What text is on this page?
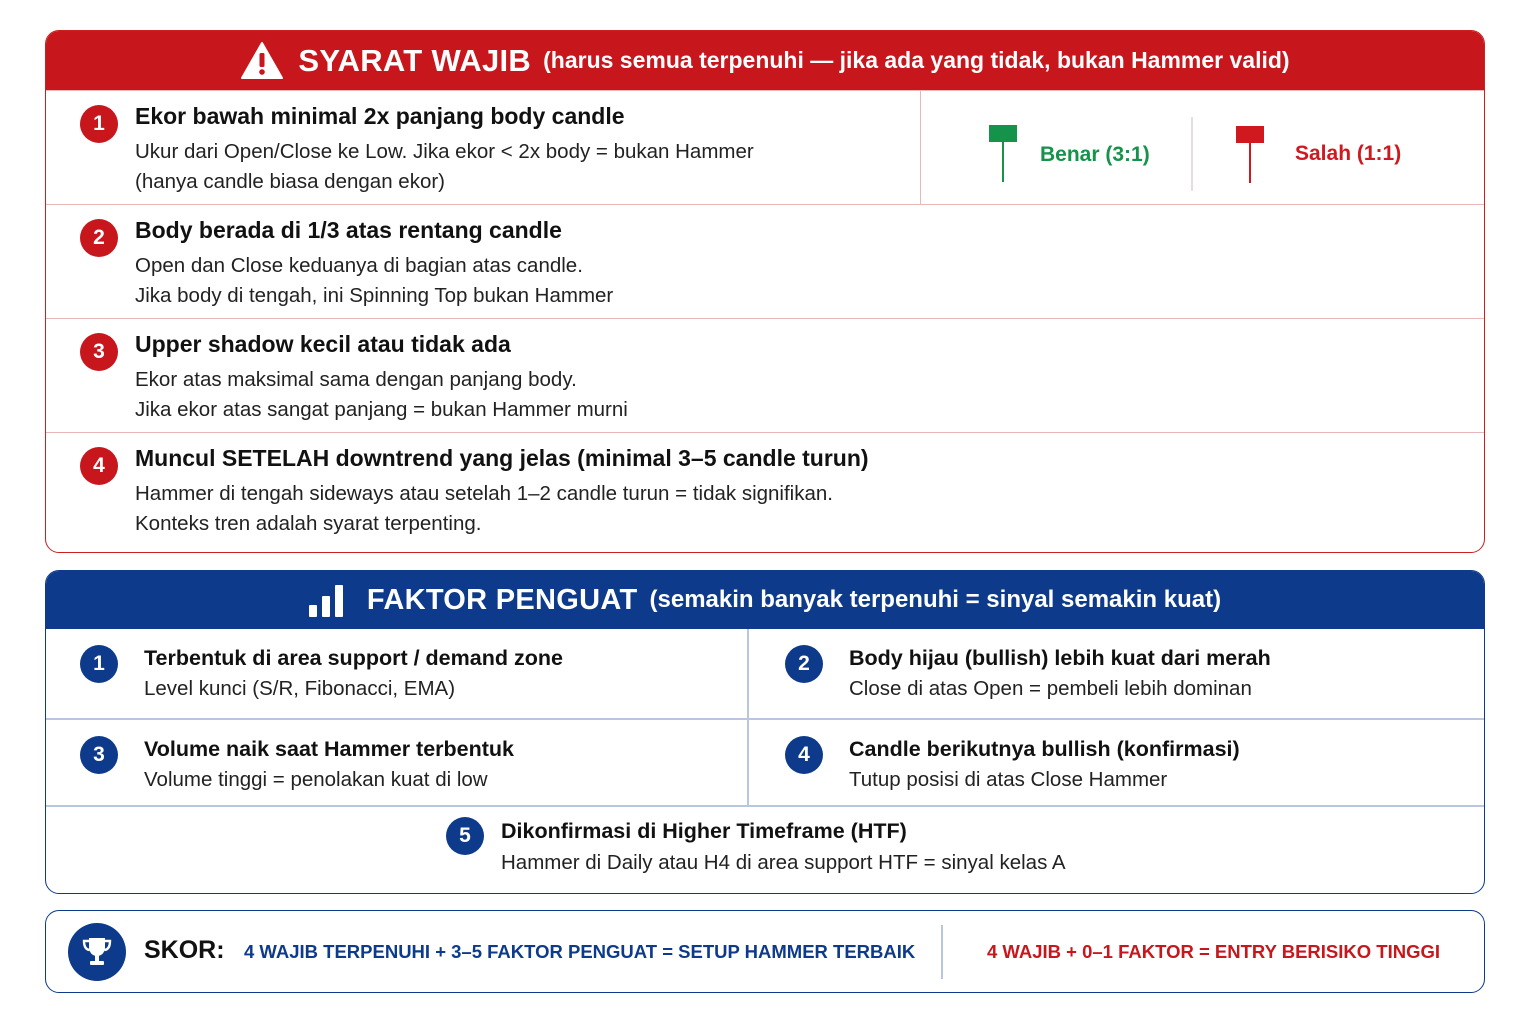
SYARAT WAJIB (harus semua terpenuhi — jika ada yang tidak, bukan Hammer valid)
1	Ekor bawah minimal 2x panjang body candle
Ukur dari Open/Close ke Low. Jika ekor < 2x body = bukan Hammer
(hanya candle biasa dengan ekor)
Benar (3:1)	Salah (1:1)
2	Body berada di 1/3 atas rentang candle
Open dan Close keduanya di bagian atas candle.
Jika body di tengah, ini Spinning Top bukan Hammer
3	Upper shadow kecil atau tidak ada
Ekor atas maksimal sama dengan panjang body.
Jika ekor atas sangat panjang = bukan Hammer murni
4	Muncul SETELAH downtrend yang jelas (minimal 3–5 candle turun)
Hammer di tengah sideways atau setelah 1–2 candle turun = tidak signifikan.
Konteks tren adalah syarat terpenting.
FAKTOR PENGUAT (semakin banyak terpenuhi = sinyal semakin kuat)
1	Terbentuk di area support / demand zone
Level kunci (S/R, Fibonacci, EMA)
2	Body hijau (bullish) lebih kuat dari merah
Close di atas Open = pembeli lebih dominan
3	Volume naik saat Hammer terbentuk
Volume tinggi = penolakan kuat di low
4	Candle berikutnya bullish (konfirmasi)
Tutup posisi di atas Close Hammer
5	Dikonfirmasi di Higher Timeframe (HTF)
Hammer di Daily atau H4 di area support HTF = sinyal kelas A
SKOR: 4 WAJIB TERPENUHI + 3–5 FAKTOR PENGUAT = SETUP HAMMER TERBAIK	4 WAJIB + 0–1 FAKTOR = ENTRY BERISIKO TINGGI
